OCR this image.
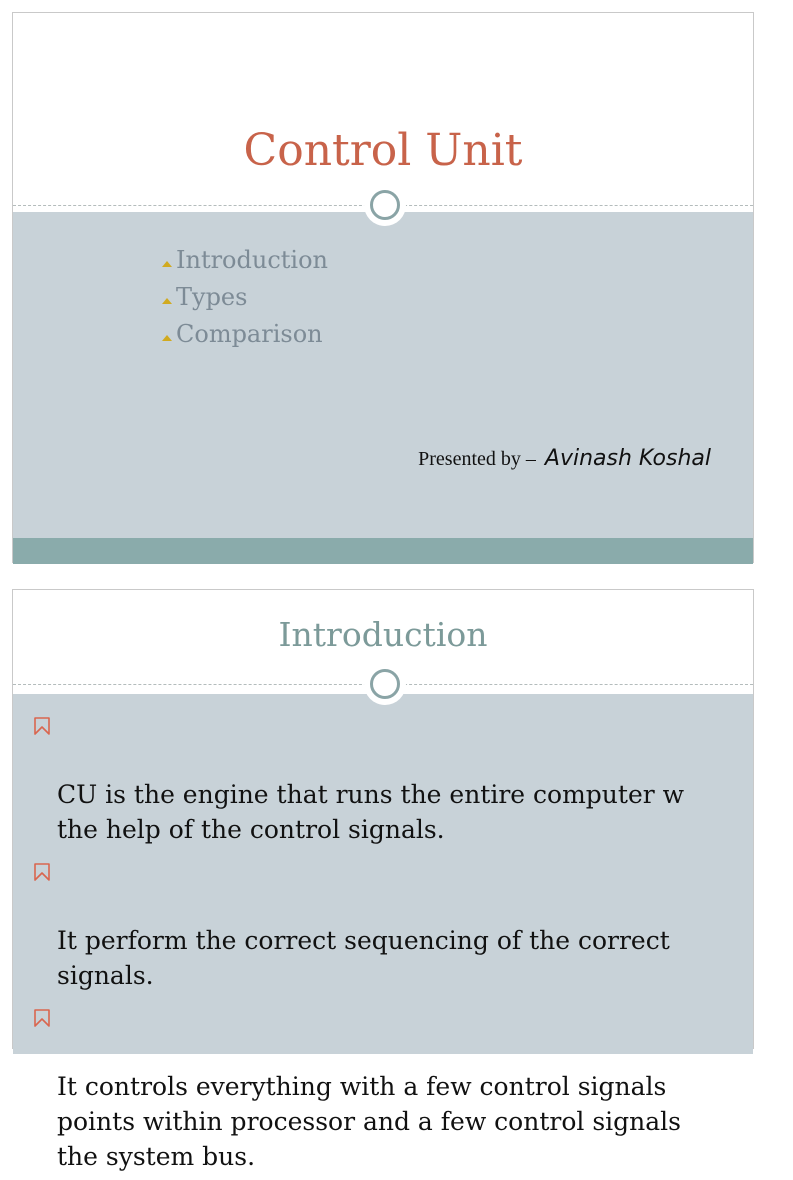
Control Unit
Introduction
Types
Comparison
Presented by – Avinash Koshal
Introduction

CU is the engine that runs the entire computer w
the help of the control signals.

It perform the correct sequencing of the correct
signals.

It controls everything with a few control signals
points within processor and a few control signals
the system bus.
